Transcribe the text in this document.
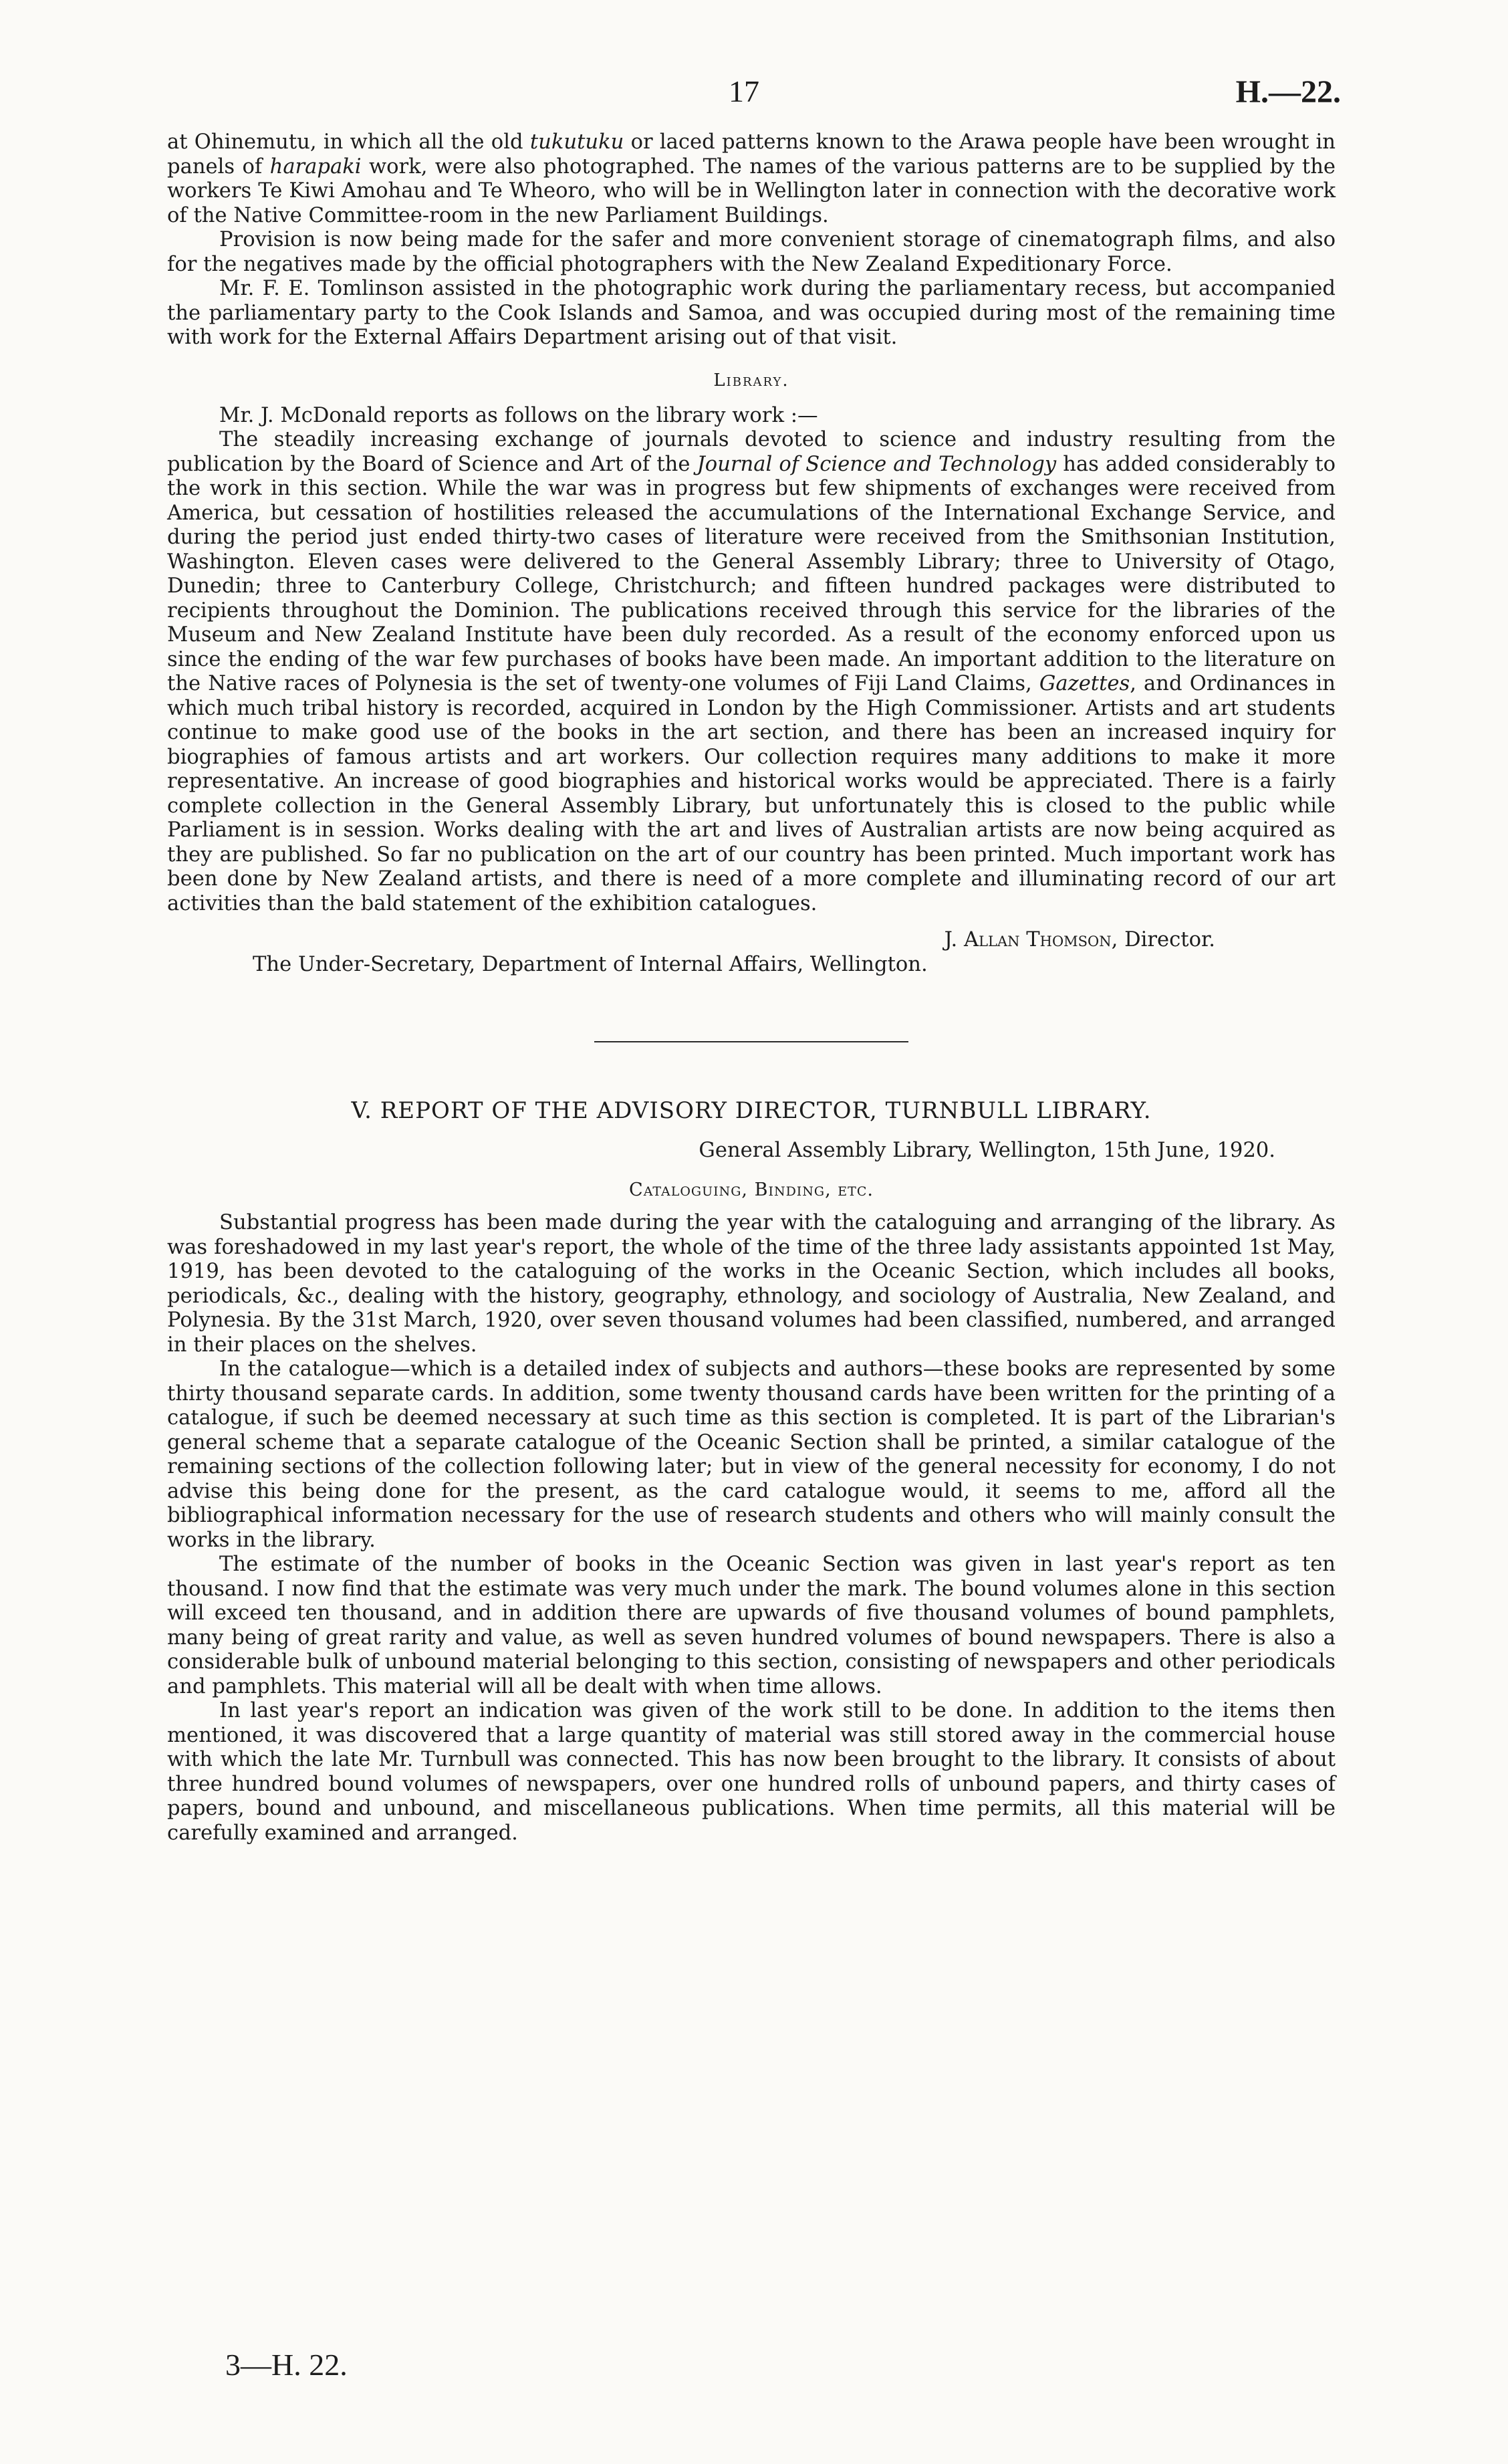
17	H.—22.

at Ohinemutu, in which all the old tukutuku or laced patterns known to the Arawa people have been wrought in panels of harapaki work, were also photographed. The names of the various patterns are to be supplied by the workers Te Kiwi Amohau and Te Wheoro, who will be in Wellington later in connection with the decorative work of the Native Committee-room in the new Parliament Buildings.

Provision is now being made for the safer and more convenient storage of cinematograph films, and also for the negatives made by the official photographers with the New Zealand Expeditionary Force.

Mr. F. E. Tomlinson assisted in the photographic work during the parliamentary recess, but accompanied the parliamentary party to the Cook Islands and Samoa, and was occupied during most of the remaining time with work for the External Affairs Department arising out of that visit.

Library.

Mr. J. McDonald reports as follows on the library work :—

The steadily increasing exchange of journals devoted to science and industry resulting from the publication by the Board of Science and Art of the Journal of Science and Technology has added considerably to the work in this section. While the war was in progress but few shipments of exchanges were received from America, but cessation of hostilities released the accumulations of the International Exchange Service, and during the period just ended thirty-two cases of literature were received from the Smithsonian Institution, Washington. Eleven cases were delivered to the General Assembly Library; three to University of Otago, Dunedin; three to Canterbury College, Christchurch; and fifteen hundred packages were distributed to recipients throughout the Dominion. The publications received through this service for the libraries of the Museum and New Zealand Institute have been duly recorded. As a result of the economy enforced upon us since the ending of the war few purchases of books have been made. An important addition to the literature on the Native races of Polynesia is the set of twenty-one volumes of Fiji Land Claims, Gazettes, and Ordinances in which much tribal history is recorded, acquired in London by the High Commissioner. Artists and art students continue to make good use of the books in the art section, and there has been an increased inquiry for biographies of famous artists and art workers. Our collection requires many additions to make it more representative. An increase of good biographies and historical works would be appreciated. There is a fairly complete collection in the General Assembly Library, but unfortunately this is closed to the public while Parliament is in session. Works dealing with the art and lives of Australian artists are now being acquired as they are published. So far no publication on the art of our country has been printed. Much important work has been done by New Zealand artists, and there is need of a more complete and illuminating record of our art activities than the bald statement of the exhibition catalogues.

J. Allan Thomson, Director.
The Under-Secretary, Department of Internal Affairs, Wellington.
V. REPORT OF THE ADVISORY DIRECTOR, TURNBULL LIBRARY.
General Assembly Library, Wellington, 15th June, 1920.
Cataloguing, Binding, etc.

Substantial progress has been made during the year with the cataloguing and arranging of the library. As was foreshadowed in my last year's report, the whole of the time of the three lady assistants appointed 1st May, 1919, has been devoted to the cataloguing of the works in the Oceanic Section, which includes all books, periodicals, &c., dealing with the history, geography, ethnology, and sociology of Australia, New Zealand, and Polynesia. By the 31st March, 1920, over seven thousand volumes had been classified, numbered, and arranged in their places on the shelves.

In the catalogue—which is a detailed index of subjects and authors—these books are represented by some thirty thousand separate cards. In addition, some twenty thousand cards have been written for the printing of a catalogue, if such be deemed necessary at such time as this section is completed. It is part of the Librarian's general scheme that a separate catalogue of the Oceanic Section shall be printed, a similar catalogue of the remaining sections of the collection following later; but in view of the general necessity for economy, I do not advise this being done for the present, as the card catalogue would, it seems to me, afford all the bibliographical information necessary for the use of research students and others who will mainly consult the works in the library.

The estimate of the number of books in the Oceanic Section was given in last year's report as ten thousand. I now find that the estimate was very much under the mark. The bound volumes alone in this section will exceed ten thousand, and in addition there are upwards of five thousand volumes of bound pamphlets, many being of great rarity and value, as well as seven hundred volumes of bound newspapers. There is also a considerable bulk of unbound material belonging to this section, consisting of newspapers and other periodicals and pamphlets. This material will all be dealt with when time allows.

In last year's report an indication was given of the work still to be done. In addition to the items then mentioned, it was discovered that a large quantity of material was still stored away in the commercial house with which the late Mr. Turnbull was connected. This has now been brought to the library. It consists of about three hundred bound volumes of newspapers, over one hundred rolls of unbound papers, and thirty cases of papers, bound and unbound, and miscellaneous publications. When time permits, all this material will be carefully examined and arranged.

3—H. 22.
